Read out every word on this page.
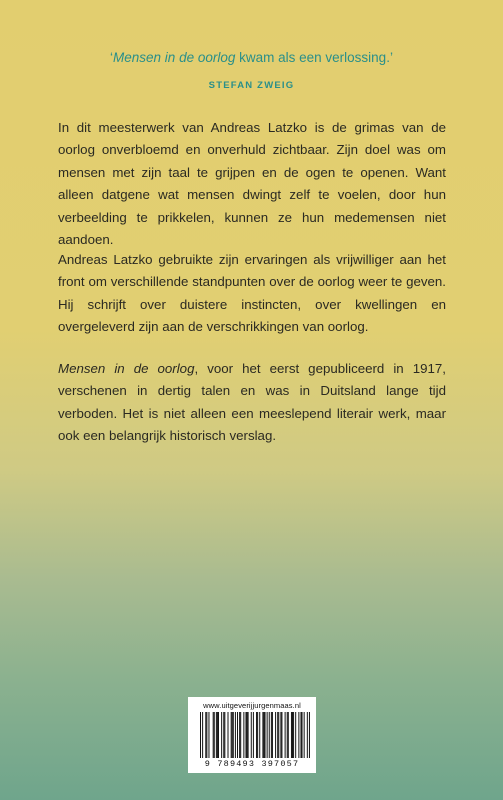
‘Mensen in de oorlog kwam als een verlossing.’
STEFAN ZWEIG
In dit meesterwerk van Andreas Latzko is de grimas van de oorlog onverbloemd en onverhuld zichtbaar. Zijn doel was om mensen met zijn taal te grijpen en de ogen te openen. Want alleen datgene wat mensen dwingt zelf te voelen, door hun verbeelding te prikkelen, kunnen ze hun medemensen niet aandoen.
Andreas Latzko gebruikte zijn ervaringen als vrijwilliger aan het front om verschillende standpunten over de oorlog weer te geven. Hij schrijft over duistere instincten, over kwellingen en overgeleverd zijn aan de verschrikkingen van oorlog.
Mensen in de oorlog, voor het eerst gepubliceerd in 1917, verschenen in dertig talen en was in Duitsland lange tijd verboden. Het is niet alleen een meeslepend literair werk, maar ook een belangrijk historisch verslag.
www.uitgeverijjurgenmaas.nl
9 789493 397057
